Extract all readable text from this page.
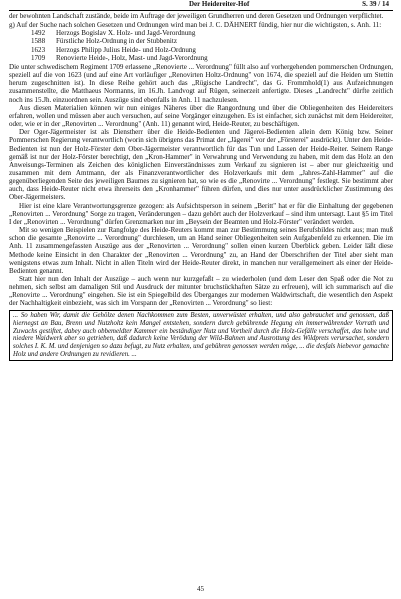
Der Heidereiter-Hof	S. 39 / 14

der bewohnten Landschaft zustände, beide im Auftrage der jeweiligen Grundherren und deren Gesetzen und Ordnungen verpflichtet.

g) Auf der Suche nach solchen Gesetzen und Ordnungen wird man bei J. C. DÄHNERT fündig, hier nur die wichtigsten, s. Anh. 11:

1492	Herzogs Bogislav X. Holz- und Jagd-Verordnung
1588	Fürstliche Holz-Ordnung in der Stubbenitz
1623	Herzogs Philipp Julius Heide- und Holz-Ordnung
1709	Renovierte Heide-, Holz, Mast- und Jagd-Verordnung

Die unter schwedischem Regiment 1709 erlassene „Renovierte ... Verordnung" füllt also auf vorhergehenden pommerschen Ordnungen, speziell auf die von 1623 (und auf eine Art vorläufiger „Renovirten Holtz-Ordnung" von 1674, die speziell auf die Heiden um Stettin herum zugeschnitten ist). In diese Reihe gehört auch das „Rügische Landrecht", das G. Frommhold(1) aus Aufzeichnungen zusammenstellte, die Matthaeus Normanns, im 16.Jh. Landvogt auf Rügen, seinerzeit anfertigte. Dieses „Landrecht" dürfte zeitlich noch ins 15.Jh. einzuordnen sein. Auszüge sind ebenfalls in Anh. 11 nachzulesen.

Aus diesen Materialien können wir nun einiges Näheres über die Rangordnung und über die Obliegenheiten des Heidereiters erfahren, wollen und müssen aber auch versuchen, auf seine Vorgänger einzugehen. Es ist einfacher, sich zunächst mit dem Heidereiter, oder, wie er in der „Renovirten ... Verordnung" (Anh. 11) genannt wird, Heide-Reuter, zu beschäftigen.

Der Oger-Jägermeister ist als Dienstherr über die Heide-Bedienten und Jägerei-Bedienten allein dem König bzw. Seiner Pommerschen Regierung verantwortlich (worin sich übrigens das Primat der „Jägerei" vor der „Försterei" ausdrückt). Unter den Heide-Bedienten ist nun der Holz-Förster dem Ober-Jägermeister verantwortlich für das Tun und Lassen der Heide-Reiter. Seinem Range gemäß ist nur der Holz-Förster berechtigt, den „Kron-Hammer" in Verwahrung und Verwendung zu haben, mit dem das Holz an den Anweisungs-Terminen als Zeichen des königlichen Einverständnisses zum Verkauf zu signieren ist – aber nur gleichzeitig und zusammen mit dem Amtmann, der als Finanzverantwortlicher des Holzverkaufs mit dem „Jahres-Zahl-Hammer" auf die gegenüberliegenden Seite des jeweiligen Baumes zu signieren hat, so wie es die „Renovirte ... Verordnung" festlegt. Sie bestimmt aber auch, dass Heide-Reuter nicht etwa ihrerseits den „Kronhammer" führen dürfen, und dies nur unter ausdrücklicher Zustimmung des Ober-Jägermeisters.

Hier ist eine klare Verantwortungsgrenze gezogen: als Aufsichtsperson in seinem „Beritt" hat er für die Einhaltung der gegebenen „Renovirten ... Verordnung" Sorge zu tragen, Veränderungen – dazu gehört auch der Holzverkauf – sind ihm untersagt. Laut §5 im Titel I der „Renovirten ... Verordnung" dürfen Grenzmarken nur im „Beysein der Beamten und Holz-Förster" verändert werden.

Mit so wenigen Beispielen zur Rangfolge des Heide-Reuters kommt man zur Bestimmung seines Berufsbildes nicht aus; man muß schon die gesamte „Renovirte ... Verordnung" durchlesen, um an Hand seiner Obliegenheiten sein Aufgabenfeld zu erkennen. Die im Anh. 11 zusammengefassten Auszüge aus der „Renovirten ... Verordnung" sollen einen kurzen Überblick geben. Leider läßt diese Methode keine Einsicht in den Charakter der „Renovirten ... Verordnung" zu, an Hand der Überschriften der Titel aber sieht man wenigstens etwas zum Inhalt. Nicht in allen Titeln wird der Heide-Reuter direkt, in manchen nur verallgemeinert als einer der Heide-Bedienten genannt.

Statt hier nun den Inhalt der Auszüge – auch wenn nur kurzgefaßt – zu wiederholen (und dem Leser den Spaß oder die Not zu nehmen, sich selbst am damaligen Stil und Ausdruck der mitunter bruchstückhaften Sätze zu erfreuen), will ich summarisch auf die „Renovirte ... Verordnung" eingehen. Sie ist ein Spiegelbild des Überganges zur modernen Waldwirtschaft, die wesentlich den Aspekt der Nachhaltigkeit einbezieht, was sich im Vorspann der „Renovirten ... Verordnung" so liest:

... So haben Wir, damit die Gehölze denen Nachkommen zum Besten, unverwüstet erhalten, und also gebrauchet und genossen, daß hiernegst an Bau, Brenn und Nutzholtz kein Mangel entstehen, sondern durch gebührende Hegung ein immerwährender Vorrath und Zuwachs gestiftet, dabey auch obbemeldter Kammer ein beständiger Nutz und Vortheil durch die Holz-Gefälle verschaffet, das hohe und niedere Waidwerk aber so getrieben, daß dadurch keine Verödung der Wild-Bahnen und Ausrottung des Wildprets verursachet, sondern solches I. K. M. und denjenigen so dazu befugt, zu Nutz erhalten, und gebühren genossen werden möge, ... die desfals hiebevor gemachte Holz und andere Ordnungen zu revidieren. ...
45
